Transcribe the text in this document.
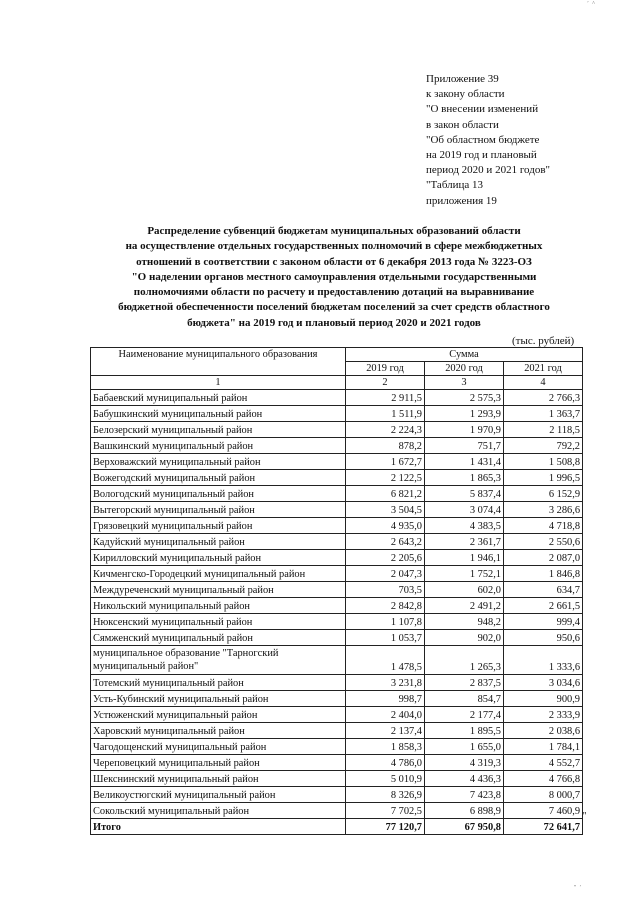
′ ^
Приложение 39
к закону области
"О внесении изменений
в закон области
"Об областном бюджете
на 2019 год и плановый
период 2020 и 2021 годов"
"Таблица 13
приложения 19
Распределение субвенций бюджетам муниципальных образований области
на осуществление отдельных государственных полномочий в сфере межбюджетных
отношений в соответствии с законом области от 6 декабря 2013 года № 3223-ОЗ
"О наделении органов местного самоуправления отдельными государственными
полномочиями области по расчету и предоставлению дотаций на выравнивание
бюджетной обеспеченности поселений бюджетам поселений за счет средств областного
бюджета" на 2019 год и плановый период 2020 и 2021 годов
(тыс. рублей)
Наименование муниципального образования	Сумма		
	2019 год	2020 год	2021 год
1	2	3	4
Бабаевский муниципальный район	2 911,5	2 575,3	2 766,3
Бабушкинский муниципальный район	1 511,9	1 293,9	1 363,7
Белозерский муниципальный район	2 224,3	1 970,9	2 118,5
Вашкинский муниципальный район	878,2	751,7	792,2
Верховажский муниципальный район	1 672,7	1 431,4	1 508,8
Вожегодский муниципальный район	2 122,5	1 865,3	1 996,5
Вологодский муниципальный район	6 821,2	5 837,4	6 152,9
Вытегорский муниципальный район	3 504,5	3 074,4	3 286,6
Грязовецкий муниципальный район	4 935,0	4 383,5	4 718,8
Кадуйский муниципальный район	2 643,2	2 361,7	2 550,6
Кирилловский муниципальный район	2 205,6	1 946,1	2 087,0
Кичменгско-Городецкий муниципальный район	2 047,3	1 752,1	1 846,8
Междуреченский муниципальный район	703,5	602,0	634,7
Никольский муниципальный район	2 842,8	2 491,2	2 661,5
Нюксенский муниципальный район	1 107,8	948,2	999,4
Сямженский муниципальный район	1 053,7	902,0	950,6
муниципальное образование "Тарногский муниципальный район"	1 478,5	1 265,3	1 333,6
Тотемский муниципальный район	3 231,8	2 837,5	3 034,6
Усть-Кубинский муниципальный район	998,7	854,7	900,9
Устюженский муниципальный район	2 404,0	2 177,4	2 333,9
Харовский муниципальный район	2 137,4	1 895,5	2 038,6
Чагодощенский муниципальный район	1 858,3	1 655,0	1 784,1
Череповецкий муниципальный район	4 786,0	4 319,3	4 552,7
Шекснинский муниципальный район	5 010,9	4 436,3	4 766,8
Великоустюгский муниципальный район	8 326,9	7 423,8	8 000,7
Сокольский муниципальный район	7 702,5	6 898,9	7 460,9
Итого	77 120,7	67 950,8	72 641,7
"
″ ′
